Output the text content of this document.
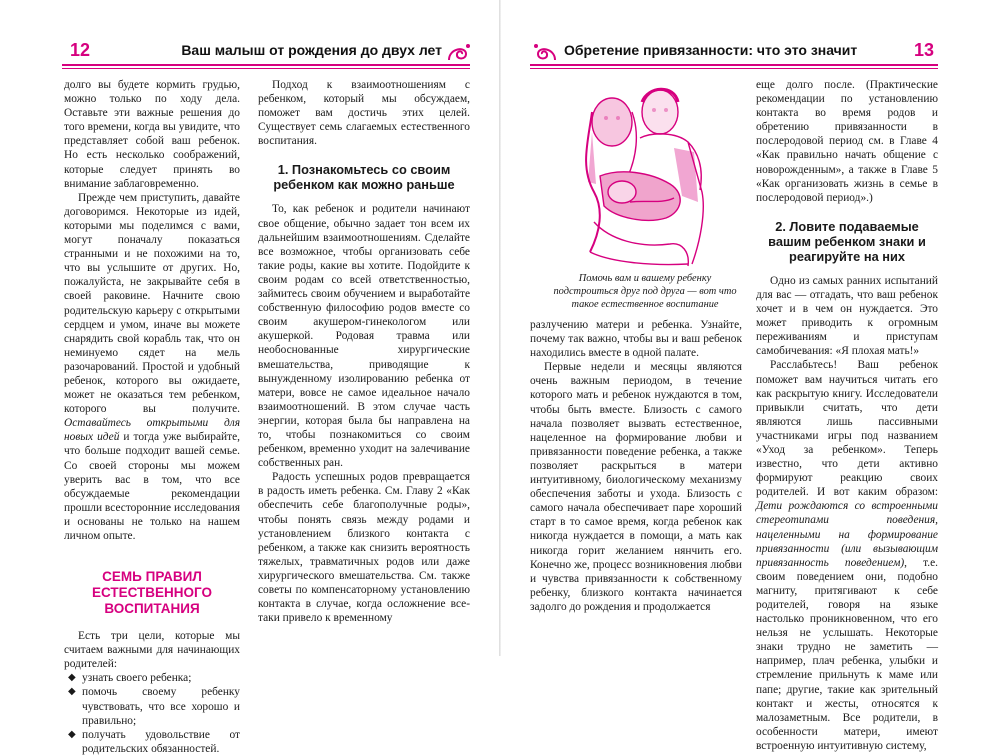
12	Ваш малыш от рождения до двух лет

долго вы будете кормить грудью, можно только по ходу дела. Оставьте эти важные решения до того времени, когда вы увидите, что представляет собой ваш ребенок. Но есть несколько соображений, которые следует принять во внимание заблаговременно.

Прежде чем приступить, давайте договоримся. Некоторые из идей, которыми мы поделимся с вами, могут поначалу показаться странными и не похожими на то, что вы услышите от других. Но, пожалуйста, не закрывайте себя в своей раковине. Начните свою родительскую карьеру с открытыми сердцем и умом, иначе вы можете снарядить свой корабль так, что он неминуемо сядет на мель разочарований. Простой и удобный ребенок, которого вы ожидаете, может не оказаться тем ребенком, которого вы получите. Оставайтесь открытыми для новых идей и тогда уже выбирайте, что больше подходит вашей семье. Со своей стороны мы можем уверить вас в том, что все обсуждаемые рекомендации прошли всесторонние исследования и основаны не только на нашем личном опыте.

СЕМЬ ПРАВИЛ ЕСТЕСТВЕННОГО ВОСПИТАНИЯ

Есть три цели, которые мы считаем важными для начинающих родителей:

◆ узнать своего ребенка;
◆ помочь своему ребенку чувствовать, что все хорошо и правильно;
◆ получать удовольствие от родительских обязанностей.

Подход к взаимоотношениям с ребенком, который мы обсуждаем, поможет вам достичь этих целей. Существует семь слагаемых естественного воспитания.

1. Познакомьтесь со своим ребенком как можно раньше

То, как ребенок и родители начинают свое общение, обычно задает тон всем их дальнейшим взаимоотношениям. Сделайте все возможное, чтобы организовать себе такие роды, какие вы хотите. Подойдите к своим родам со всей ответственностью, займитесь своим обучением и выработайте собственную философию родов вместе со своим акушером-гинекологом или акушеркой. Родовая травма или необоснованные хирургические вмешательства, приводящие к вынужденному изолированию ребенка от матери, вовсе не самое идеальное начало взаимоотношений. В этом случае часть энергии, которая была бы направлена на то, чтобы познакомиться со своим ребенком, временно уходит на залечивание собственных ран.

Радость успешных родов превращается в радость иметь ребенка. См. Главу 2 «Как обеспечить себе благополучные роды», чтобы понять связь между родами и установлением близкого контакта с ребенком, а также как снизить вероятность тяжелых, травматичных родов или даже хирургического вмешательства. См. также советы по компенсаторному установлению контакта в случае, когда осложнение все-таки привело к временному

Обретение привязанности: что это значит	13
Помочь вам и вашему ребенку подстроиться друг под друга — вот что такое естественное воспитание

разлучению матери и ребенка. Узнайте, почему так важно, чтобы вы и ваш ребенок находились вместе в одной палате.

Первые недели и месяцы являются очень важным периодом, в течение которого мать и ребенок нуждаются в том, чтобы быть вместе. Близость с самого начала позволяет вызвать естественное, нацеленное на формирование любви и привязанности поведение ребенка, а также позволяет раскрыться в матери интуитивному, биологическому механизму обеспечения заботы и ухода. Близость с самого начала обеспечивает паре хороший старт в то самое время, когда ребенок как никогда нуждается в помощи, а мать как никогда горит желанием нянчить его. Конечно же, процесс возникновения любви и чувства привязанности к собственному ребенку, близкого контакта начинается задолго до рождения и продолжается

еще долго после. (Практические рекомендации по установлению контакта во время родов и обретению привязанности в послеродовой период см. в Главе 4 «Как правильно начать общение с новорожденным», а также в Главе 5 «Как организовать жизнь в семье в послеродовой период».)

2. Ловите подаваемые вашим ребенком знаки и реагируйте на них

Одно из самых ранних испытаний для вас — отгадать, что ваш ребенок хочет и в чем он нуждается. Это может приводить к огромным переживаниям и приступам самобичевания: «Я плохая мать!»

Расслабьтесь! Ваш ребенок поможет вам научиться читать его как раскрытую книгу. Исследователи привыкли считать, что дети являются лишь пассивными участниками игры под названием «Уход за ребенком». Теперь известно, что дети активно формируют реакцию своих родителей. И вот каким образом: Дети рождаются со встроенными стереотипами поведения, нацеленными на формирование привязанности (или вызывающим привязанность поведением), т.е. своим поведением они, подобно магниту, притягивают к себе родителей, говоря на языке настолько проникновенном, что его нельзя не услышать. Некоторые знаки трудно не заметить — например, плач ребенка, улыбки и стремление прильнуть к маме или папе; другие, такие как зрительный контакт и жесты, относятся к малозаметным. Все родители, в особенности матери, имеют встроенную интуитивную систему,
